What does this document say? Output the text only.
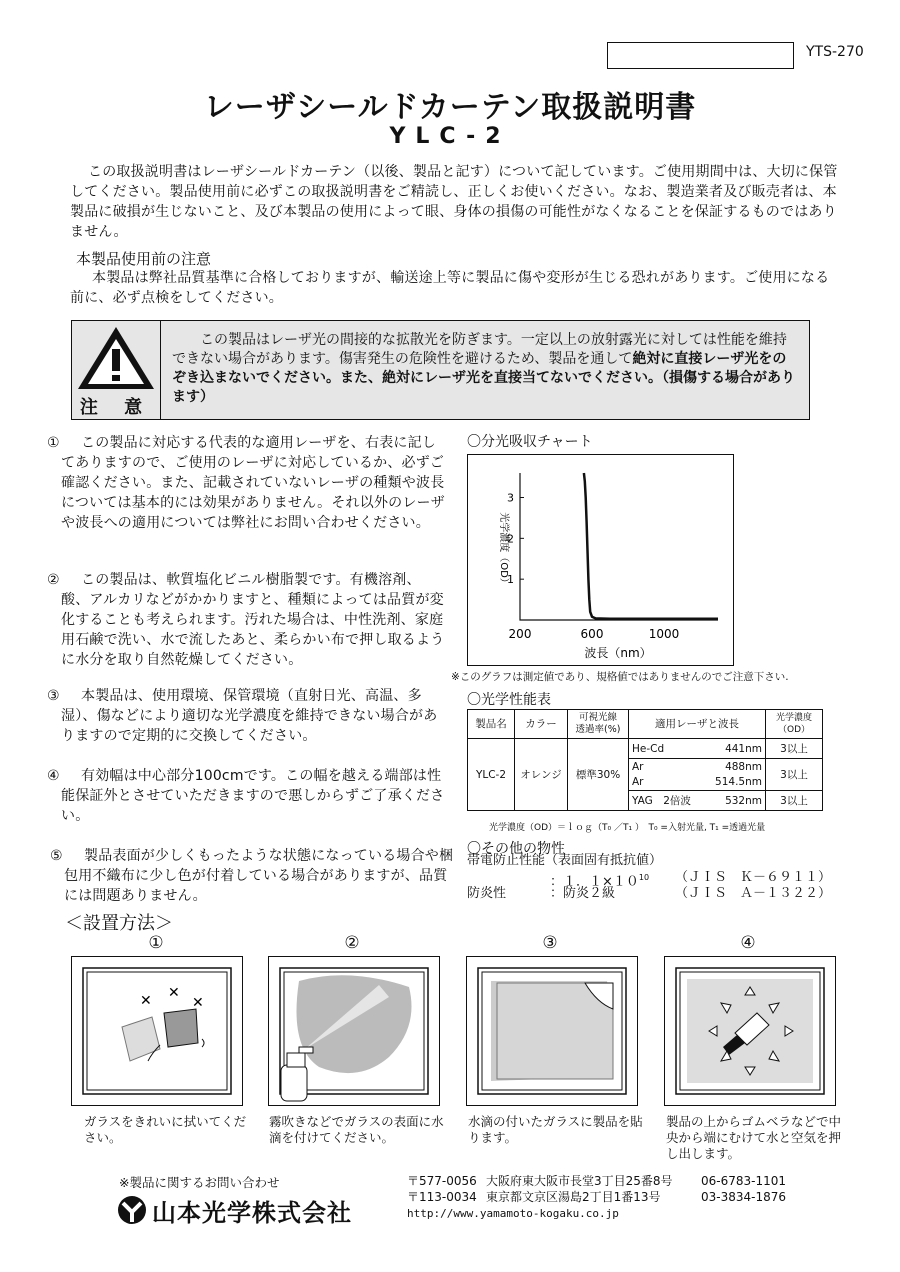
YTS-270
レーザシールドカーテン取扱説明書
YLC-2
この取扱説明書はレーザシールドカーテン（以後、製品と記す）について記しています。ご使用期間中は、大切に保管してください。製品使用前に必ずこの取扱説明書をご精読し、正しくお使いください。なお、製造業者及び販売者は、本製品に破損が生じないこと、及び本製品の使用によって眼、身体の損傷の可能性がなくなることを保証するものではありません。
本製品使用前の注意
本製品は弊社品質基準に合格しておりますが、輸送途上等に製品に傷や変形が生じる恐れがあります。ご使用になる前に、必ず点検をしてください。
注 意
この製品はレーザ光の間接的な拡散光を防ぎます。一定以上の放射露光に対しては性能を維持できない場合があります。傷害発生の危険性を避けるため、製品を通して絶対に直接レーザ光をのぞき込まないでください。また、絶対にレーザ光を直接当てないでください。（損傷する場合があります）
①	この製品に対応する代表的な適用レーザを、右表に記してありますので、ご使用のレーザに対応しているか、必ずご確認ください。また、記載されていないレーザの種類や波長については基本的には効果がありません。それ以外のレーザや波長への適用については弊社にお問い合わせください。
②	この製品は、軟質塩化ビニル樹脂製です。有機溶剤、酸、アルカリなどがかかりますと、種類によっては品質が変化することも考えられます。汚れた場合は、中性洗剤、家庭用石鹸で洗い、水で流したあと、柔らかい布で押し取るように水分を取り自然乾燥してください。
③	本製品は、使用環境、保管環境（直射日光、高温、多湿）、傷などにより適切な光学濃度を維持できない場合がありますので定期的に交換してください。
④	有効幅は中心部分100cmです。この幅を越える端部は性能保証外とさせていただきますので悪しからずご了承ください。
⑤	製品表面が少しくもったような状態になっている場合や梱包用不織布に少し色が付着している場合がありますが、品質には問題ありません。
〇分光吸収チャート
200	600	1000
1
2
3
波長（nm）
光学濃度（OD）
※このグラフは測定値であり、規格値ではありませんのでご注意下さい.
〇光学性能表
製品名	カラー	可視光線
透過率(%)	適用レーザと波長		光学濃度
（OD）
YLC-2	オレンジ	標準30%	He-Cd	441nm	3以上
			Ar	488nm	3以上
			Ar	514.5nm	
			YAG　2倍波	532nm	3以上
光学濃度（OD）＝ｌｏｇ（T₀ ／T₁ ）　T₀ =入射光量, T₁ =透過光量
〇その他の物性
帯電防止性能（表面固有抵抗値）
：１．$1\times 10^{10}$ （ＪＩＳ　Ｋ－６９１１）
防炎性	：防炎２級	（ＪＩＳ　Ａ－１３２２）
＜設置方法＞
①	②	③	④
✕ ✕
✕
ガラスをきれいに拭いてください。
霧吹きなどでガラスの表面に水滴を付けてください。
水滴の付いたガラスに製品を貼ります。
製品の上からゴムベラなどで中央から端にむけて水と空気を押し出します。
※製品に関するお問い合わせ
山本光学株式会社
〒577-0056 大阪府東大阪市長堂3丁目25番8号 06-6783-1101
〒113-0034 東京都文京区湯島2丁目1番13号	03-3834-1876
http://www.yamamoto-kogaku.co.jp
